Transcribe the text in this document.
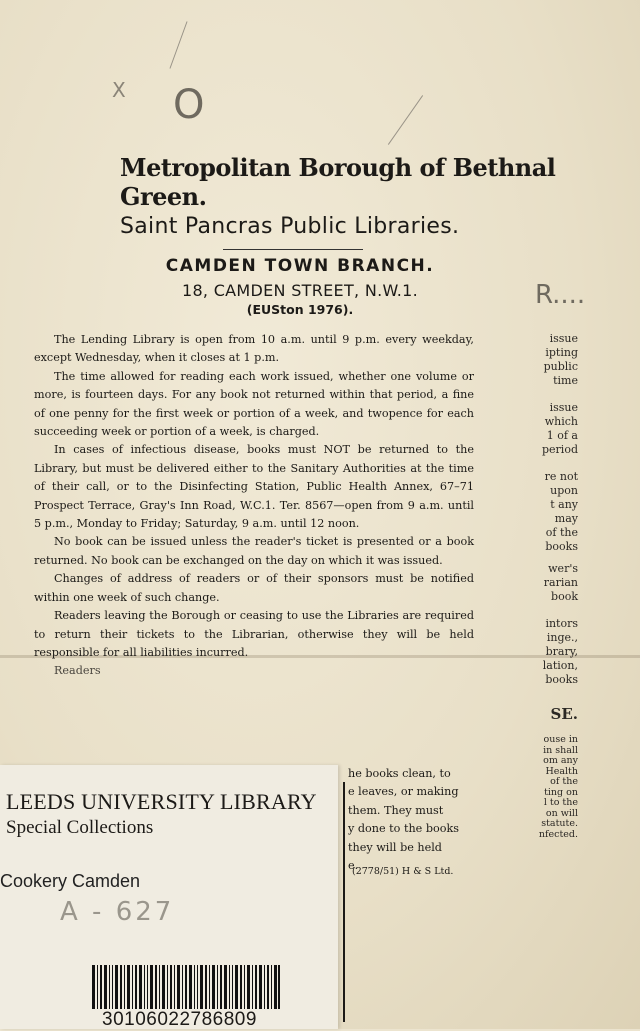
X O
R....
Metropolitan Borough of Bethnal Green.
Saint Pancras Public Libraries.
CAMDEN TOWN BRANCH.
18, CAMDEN STREET, N.W.1.
(EUSton 1976).

The Lending Library is open from 10 a.m. until 9 p.m. every weekday, except Wednesday, when it closes at 1 p.m.

The time allowed for reading each work issued, whether one volume or more, is fourteen days. For any book not returned within that period, a fine of one penny for the first week or portion of a week, and twopence for each succeeding week or portion of a week, is charged.

In cases of infectious disease, books must NOT be returned to the Library, but must be delivered either to the Sanitary Authorities at the time of their call, or to the Disinfecting Station, Public Health Annex, 67–71 Prospect Terrace, Gray's Inn Road, W.C.1. Ter. 8567—open from 9 a.m. until 5 p.m., Monday to Friday; Saturday, 9 a.m. until 12 noon.

No book can be issued unless the reader's ticket is presented or a book returned. No book can be exchanged on the day on which it was issued.

Changes of address of readers or of their sponsors must be notified within one week of such change.

Readers leaving the Borough or ceasing to use the Libraries are required to return their tickets to the Librarian, otherwise they will be held responsible for all liabilities incurred.

Readers

issue
ipting
public
time
issue
which
1 of a
period
re not
upon
t any
may
of the
books
wer's
rarian
book
intors
inge.,
brary,
lation,
books
SE.
ouse in
in shall
om any
Health
of the
ting on
l to the
on will
statute.
nfected.
he books clean, to
e leaves, or making
them. They must
y done to the books
they will be held
e.
(2778/51) H & S Ltd.
LEEDS UNIVERSITY LIBRARY
Special Collections
Cookery Camden
A - 627
30106022786809
